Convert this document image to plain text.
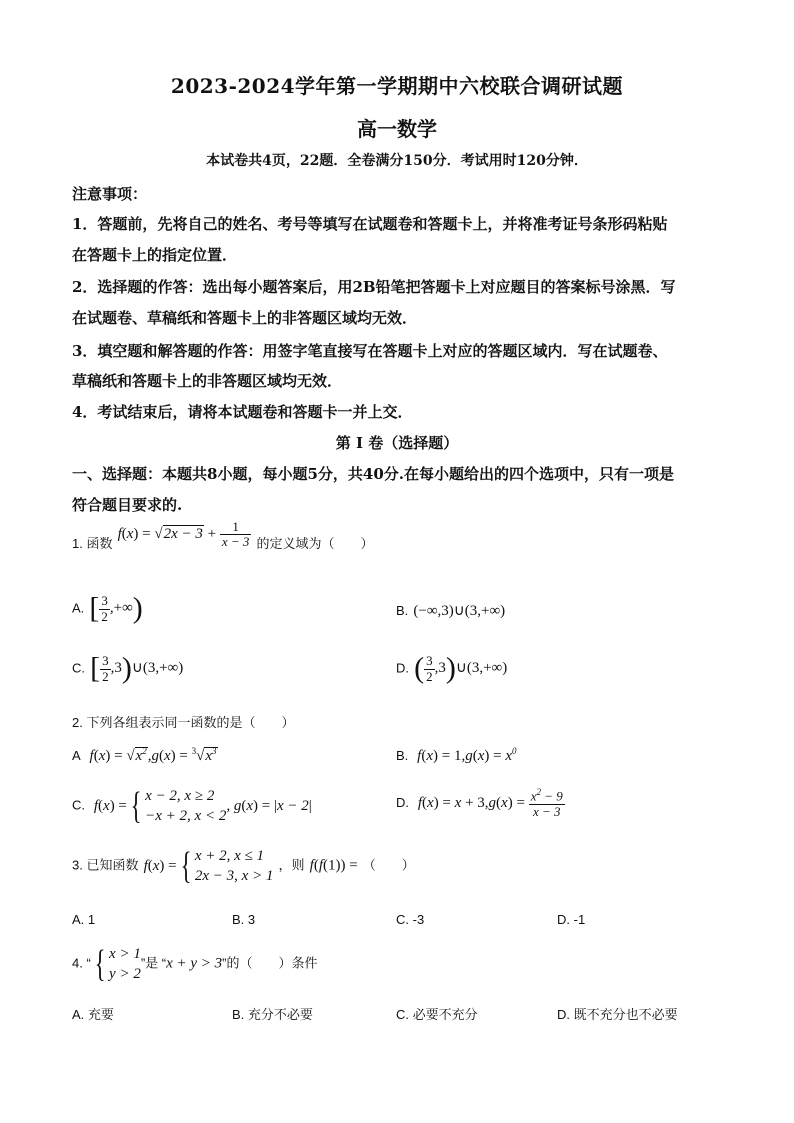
2023-2024学年第一学期期中六校联合调研试题
高一数学
本试卷共4页，22题．全卷满分150分．考试用时120分钟．
注意事项：
1．答题前，先将自己的姓名、考号等填写在试题卷和答题卡上，并将准考证号条形码粘贴
在答题卡上的指定位置．
2．选择题的作答：选出每小题答案后，用2B铅笔把答题卡上对应题目的答案标号涂黑．写
在试题卷、草稿纸和答题卡上的非答题区域均无效．
3．填空题和解答题的作答：用签字笔直接写在答题卡上对应的答题区域内．写在试题卷、
草稿纸和答题卡上的非答题区域均无效．
4．考试结束后，请将本试题卷和答题卡一并上交．
第 Ⅰ 卷（选择题）
一、选择题：本题共8小题，每小题5分，共40分.在每小题给出的四个选项中，只有一项是
符合题目要求的.
1. 函数 $f(x) = √2x - 3 + \frac{1}{x - 3}$ 的定义域为（　　）
A. [ $\frac{3}{2}$ ,+∞)	B. (−∞,3)∪(3,+∞)
C. [ $\frac{3}{2}$ ,3)∪(3,+∞)	D. ( $\frac{3}{2}$ ,3)∪(3,+∞)
2. 下列各组表示同一函数的是（　　）
A  $f(x) = √x^2,g(x) = ^3√x^3$	B.  $f(x) = 1,g(x) = x^0$
C.  f(x) ={ x − 2, x ≥ 2
−x + 2, x < 2, g(x) = |x − 2|	D.  $f(x) = x + 3,g(x) = \frac{x^2 - 9}{x - 3}$
3. 已知函数 f(x) ={ x + 2, x ≤ 1
2x − 3, x > 1 ，则 f(f(1)) = （　　）
A. 1	B. 3	C. -3	D. -1
4. “{ x > 1
y > 2”是 “x + y > 3”的（　　）条件
A. 充要	B. 充分不必要	C. 必要不充分	D. 既不充分也不必要
